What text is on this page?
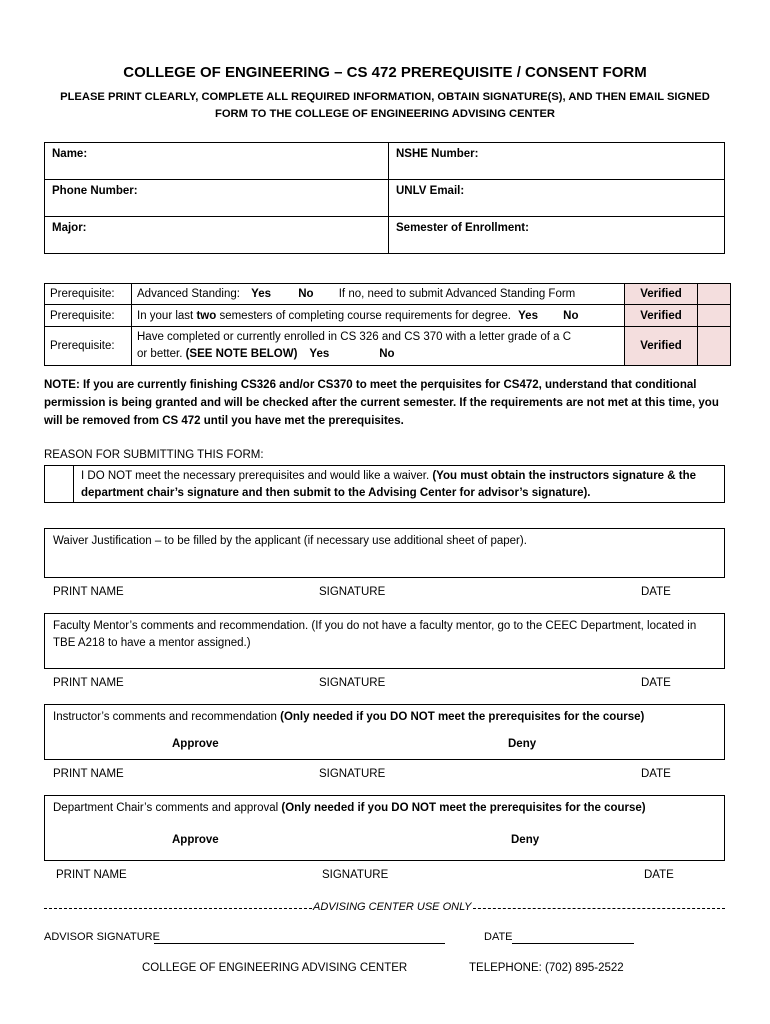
COLLEGE OF ENGINEERING – CS 472 PREREQUISITE / CONSENT FORM
PLEASE PRINT CLEARLY, COMPLETE ALL REQUIRED INFORMATION, OBTAIN SIGNATURE(S), AND THEN EMAIL SIGNED
FORM TO THE COLLEGE OF ENGINEERING ADVISING CENTER
Name:	NSHE Number:
Phone Number:	UNLV Email:
Major:	Semester of Enrollment:
Prerequisite:	Advanced Standing: Yes No If no, need to submit Advanced Standing Form	Verified	
Prerequisite:	In your last two semesters of completing course requirements for degree. Yes No	Verified	
Prerequisite:	Have completed or currently enrolled in CS 326 and CS 370 with a letter grade of a C
or better. (SEE NOTE BELOW) Yes No	Verified	
NOTE: If you are currently finishing CS326 and/or CS370 to meet the perquisites for CS472, understand that conditional permission is being granted and will be checked after the current semester. If the requirements are not met at this time, you will be removed from CS 472 until you have met the prerequisites.
REASON FOR SUBMITTING THIS FORM:
I DO NOT meet the necessary prerequisites and would like a waiver. (You must obtain the instructors signature & the department chair’s signature and then submit to the Advising Center for advisor’s signature).
Waiver Justification – to be filled by the applicant (if necessary use additional sheet of paper).
PRINT NAME	SIGNATURE	DATE
Faculty Mentor’s comments and recommendation. (If you do not have a faculty mentor, go to the CEEC Department, located in TBE A218 to have a mentor assigned.)
PRINT NAME	SIGNATURE	DATE
Instructor’s comments and recommendation (Only needed if you DO NOT meet the prerequisites for the course)
Approve	Deny
PRINT NAME	SIGNATURE	DATE
Department Chair’s comments and approval (Only needed if you DO NOT meet the prerequisites for the course)
Approve	Deny
PRINT NAME	SIGNATURE	DATE
ADVISING CENTER USE ONLY
ADVISOR SIGNATURE	DATE
COLLEGE OF ENGINEERING ADVISING CENTER	TELEPHONE: (702) 895-2522
